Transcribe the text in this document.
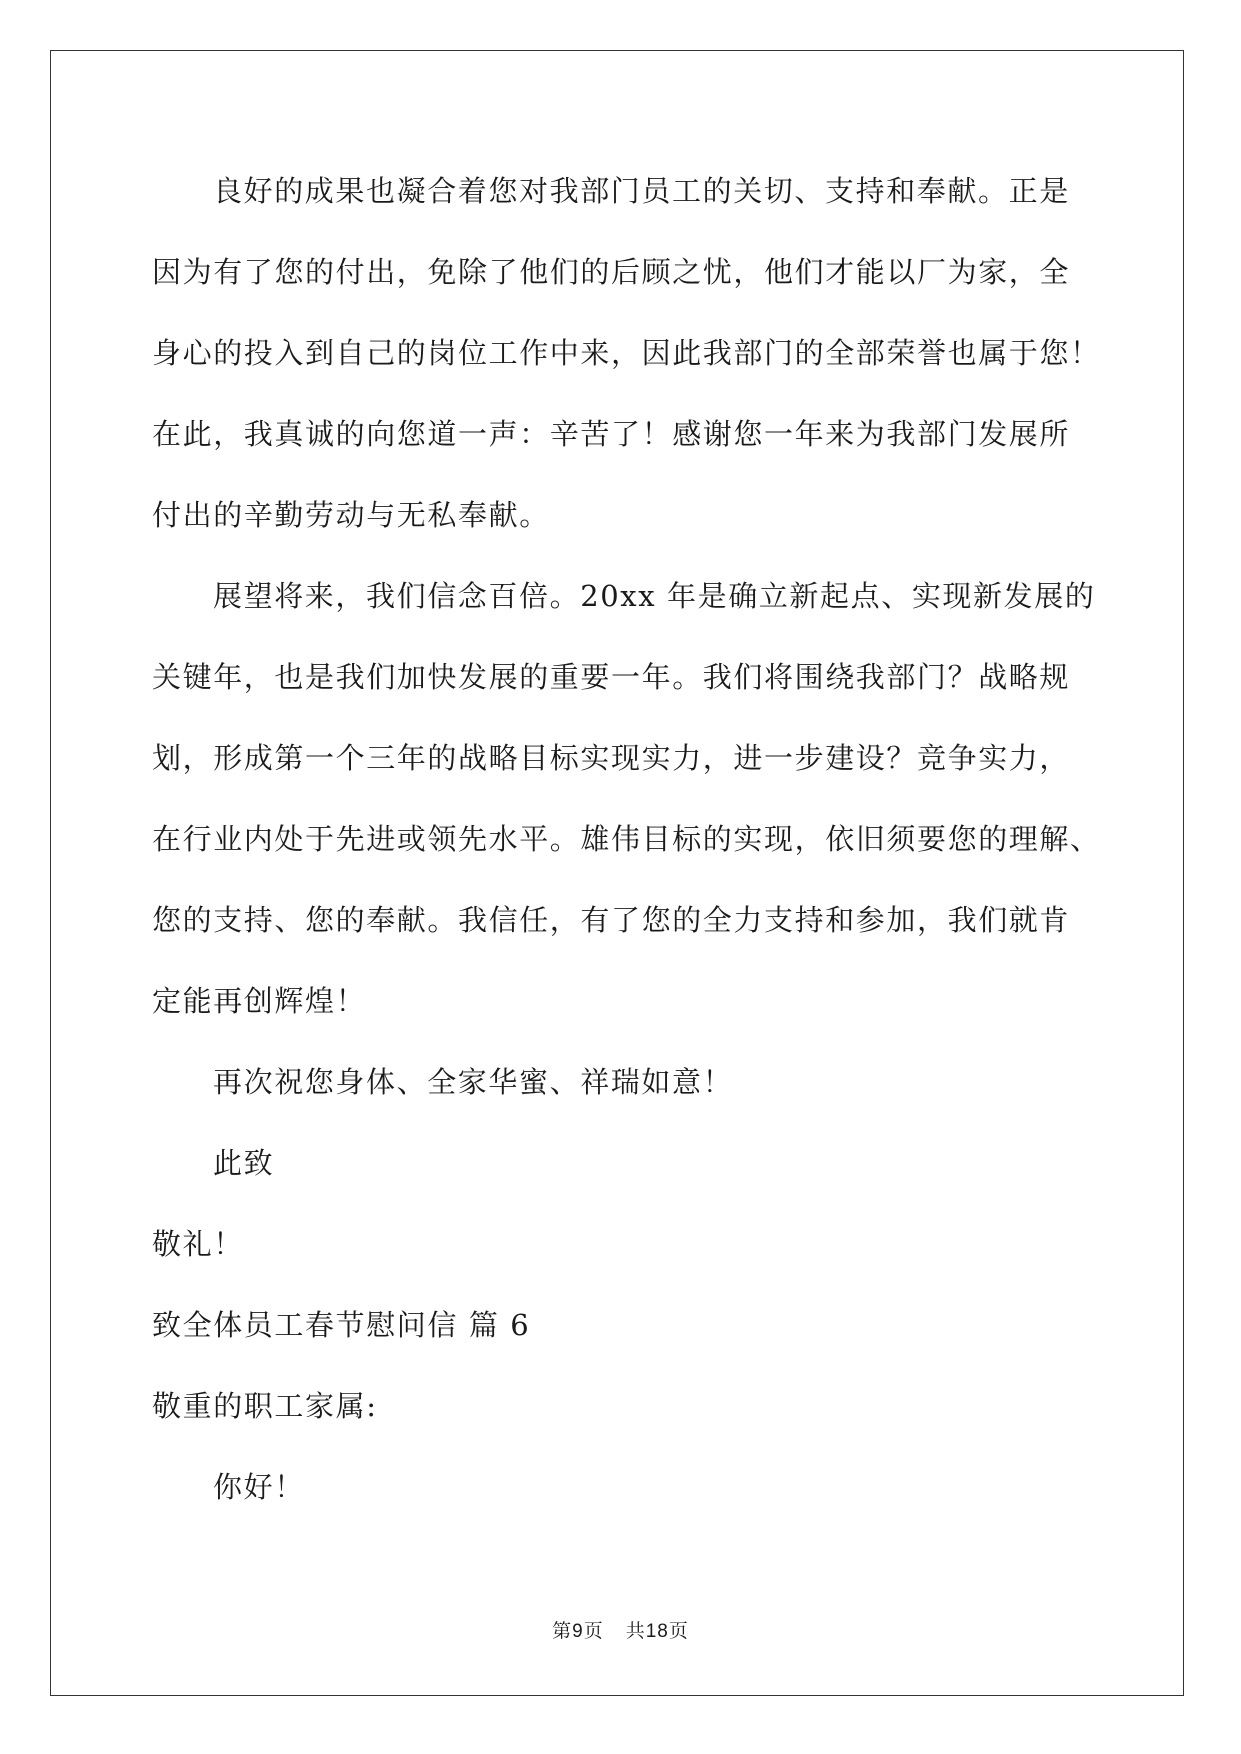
良好的成果也凝合着您对我部门员工的关切、支持和奉献。正是
因为有了您的付出，免除了他们的后顾之忧，他们才能以厂为家，全
身心的投入到自己的岗位工作中来，因此我部门的全部荣誉也属于您！
在此，我真诚的向您道一声：辛苦了！感谢您一年来为我部门发展所
付出的辛勤劳动与无私奉献。
展望将来，我们信念百倍。20xx 年是确立新起点、实现新发展的
关键年，也是我们加快发展的重要一年。我们将围绕我部门？战略规
划，形成第一个三年的战略目标实现实力，进一步建设？竞争实力，
在行业内处于先进或领先水平。雄伟目标的实现，依旧须要您的理解、
您的支持、您的奉献。我信任，有了您的全力支持和参加，我们就肯
定能再创辉煌！
再次祝您身体、全家华蜜、祥瑞如意！
此致
敬礼！
致全体员工春节慰问信 篇 6
敬重的职工家属:
你好！
第9页 共18页
